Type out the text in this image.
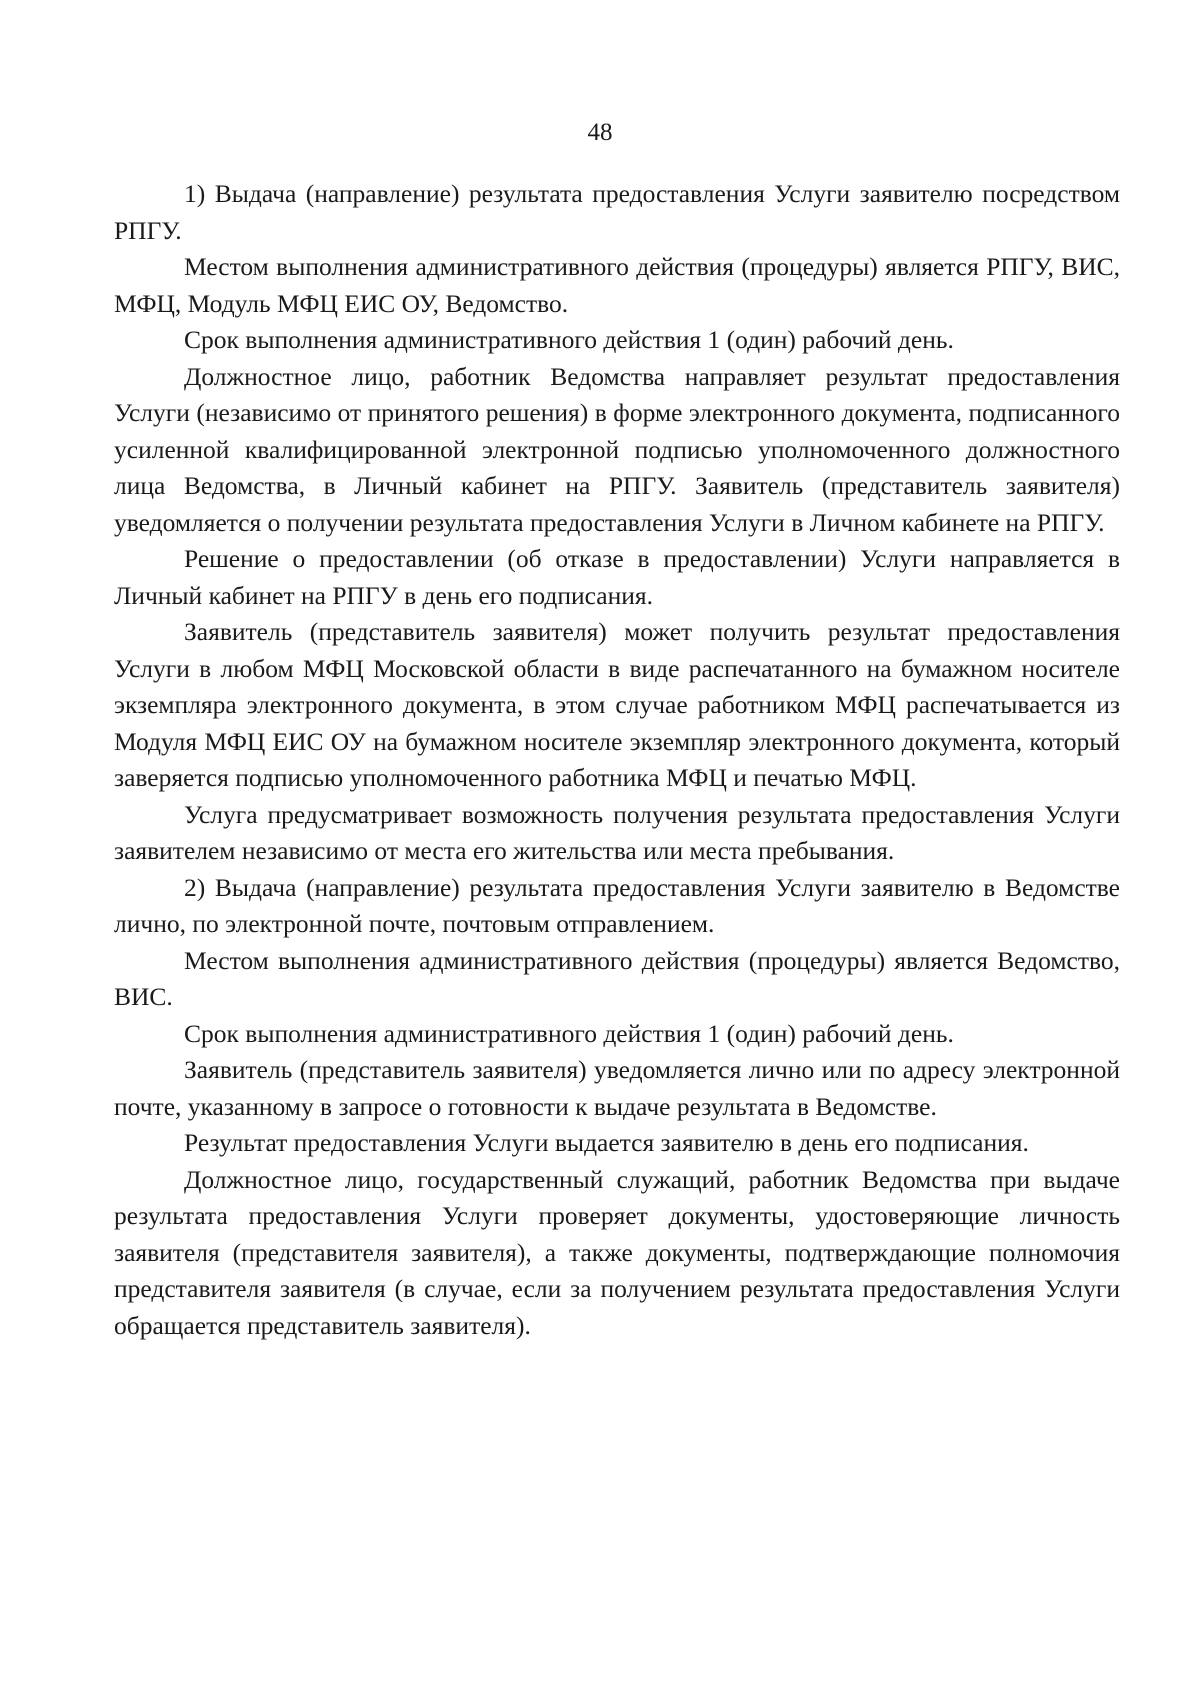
48

1) Выдача (направление) результата предоставления Услуги заявителю посредством РПГУ.

Местом выполнения административного действия (процедуры) является РПГУ, ВИС, МФЦ, Модуль МФЦ ЕИС ОУ, Ведомство.

Срок выполнения административного действия 1 (один) рабочий день.

Должностное лицо, работник Ведомства направляет результат предоставления Услуги (независимо от принятого решения) в форме электронного документа, подписанного усиленной квалифицированной электронной подписью уполномоченного должностного лица Ведомства, в Личный кабинет на РПГУ. Заявитель (представитель заявителя) уведомляется о получении результата предоставления Услуги в Личном кабинете на РПГУ.

Решение о предоставлении (об отказе в предоставлении) Услуги направляется в Личный кабинет на РПГУ в день его подписания.

Заявитель (представитель заявителя) может получить результат предоставления Услуги в любом МФЦ Московской области в виде распечатанного на бумажном носителе экземпляра электронного документа, в этом случае работником МФЦ распечатывается из Модуля МФЦ ЕИС ОУ на бумажном носителе экземпляр электронного документа, который заверяется подписью уполномоченного работника МФЦ и печатью МФЦ.

Услуга предусматривает возможность получения результата предоставления Услуги заявителем независимо от места его жительства или места пребывания.

2) Выдача (направление) результата предоставления Услуги заявителю в Ведомстве лично, по электронной почте, почтовым отправлением.

Местом выполнения административного действия (процедуры) является Ведомство, ВИС.

Срок выполнения административного действия 1 (один) рабочий день.

Заявитель (представитель заявителя) уведомляется лично или по адресу электронной почте, указанному в запросе о готовности к выдаче результата в Ведомстве.

Результат предоставления Услуги выдается заявителю в день его подписания.

Должностное лицо, государственный служащий, работник Ведомства при выдаче результата предоставления Услуги проверяет документы, удостоверяющие личность заявителя (представителя заявителя), а также документы, подтверждающие полномочия представителя заявителя (в случае, если за получением результата предоставления Услуги обращается представитель заявителя).
